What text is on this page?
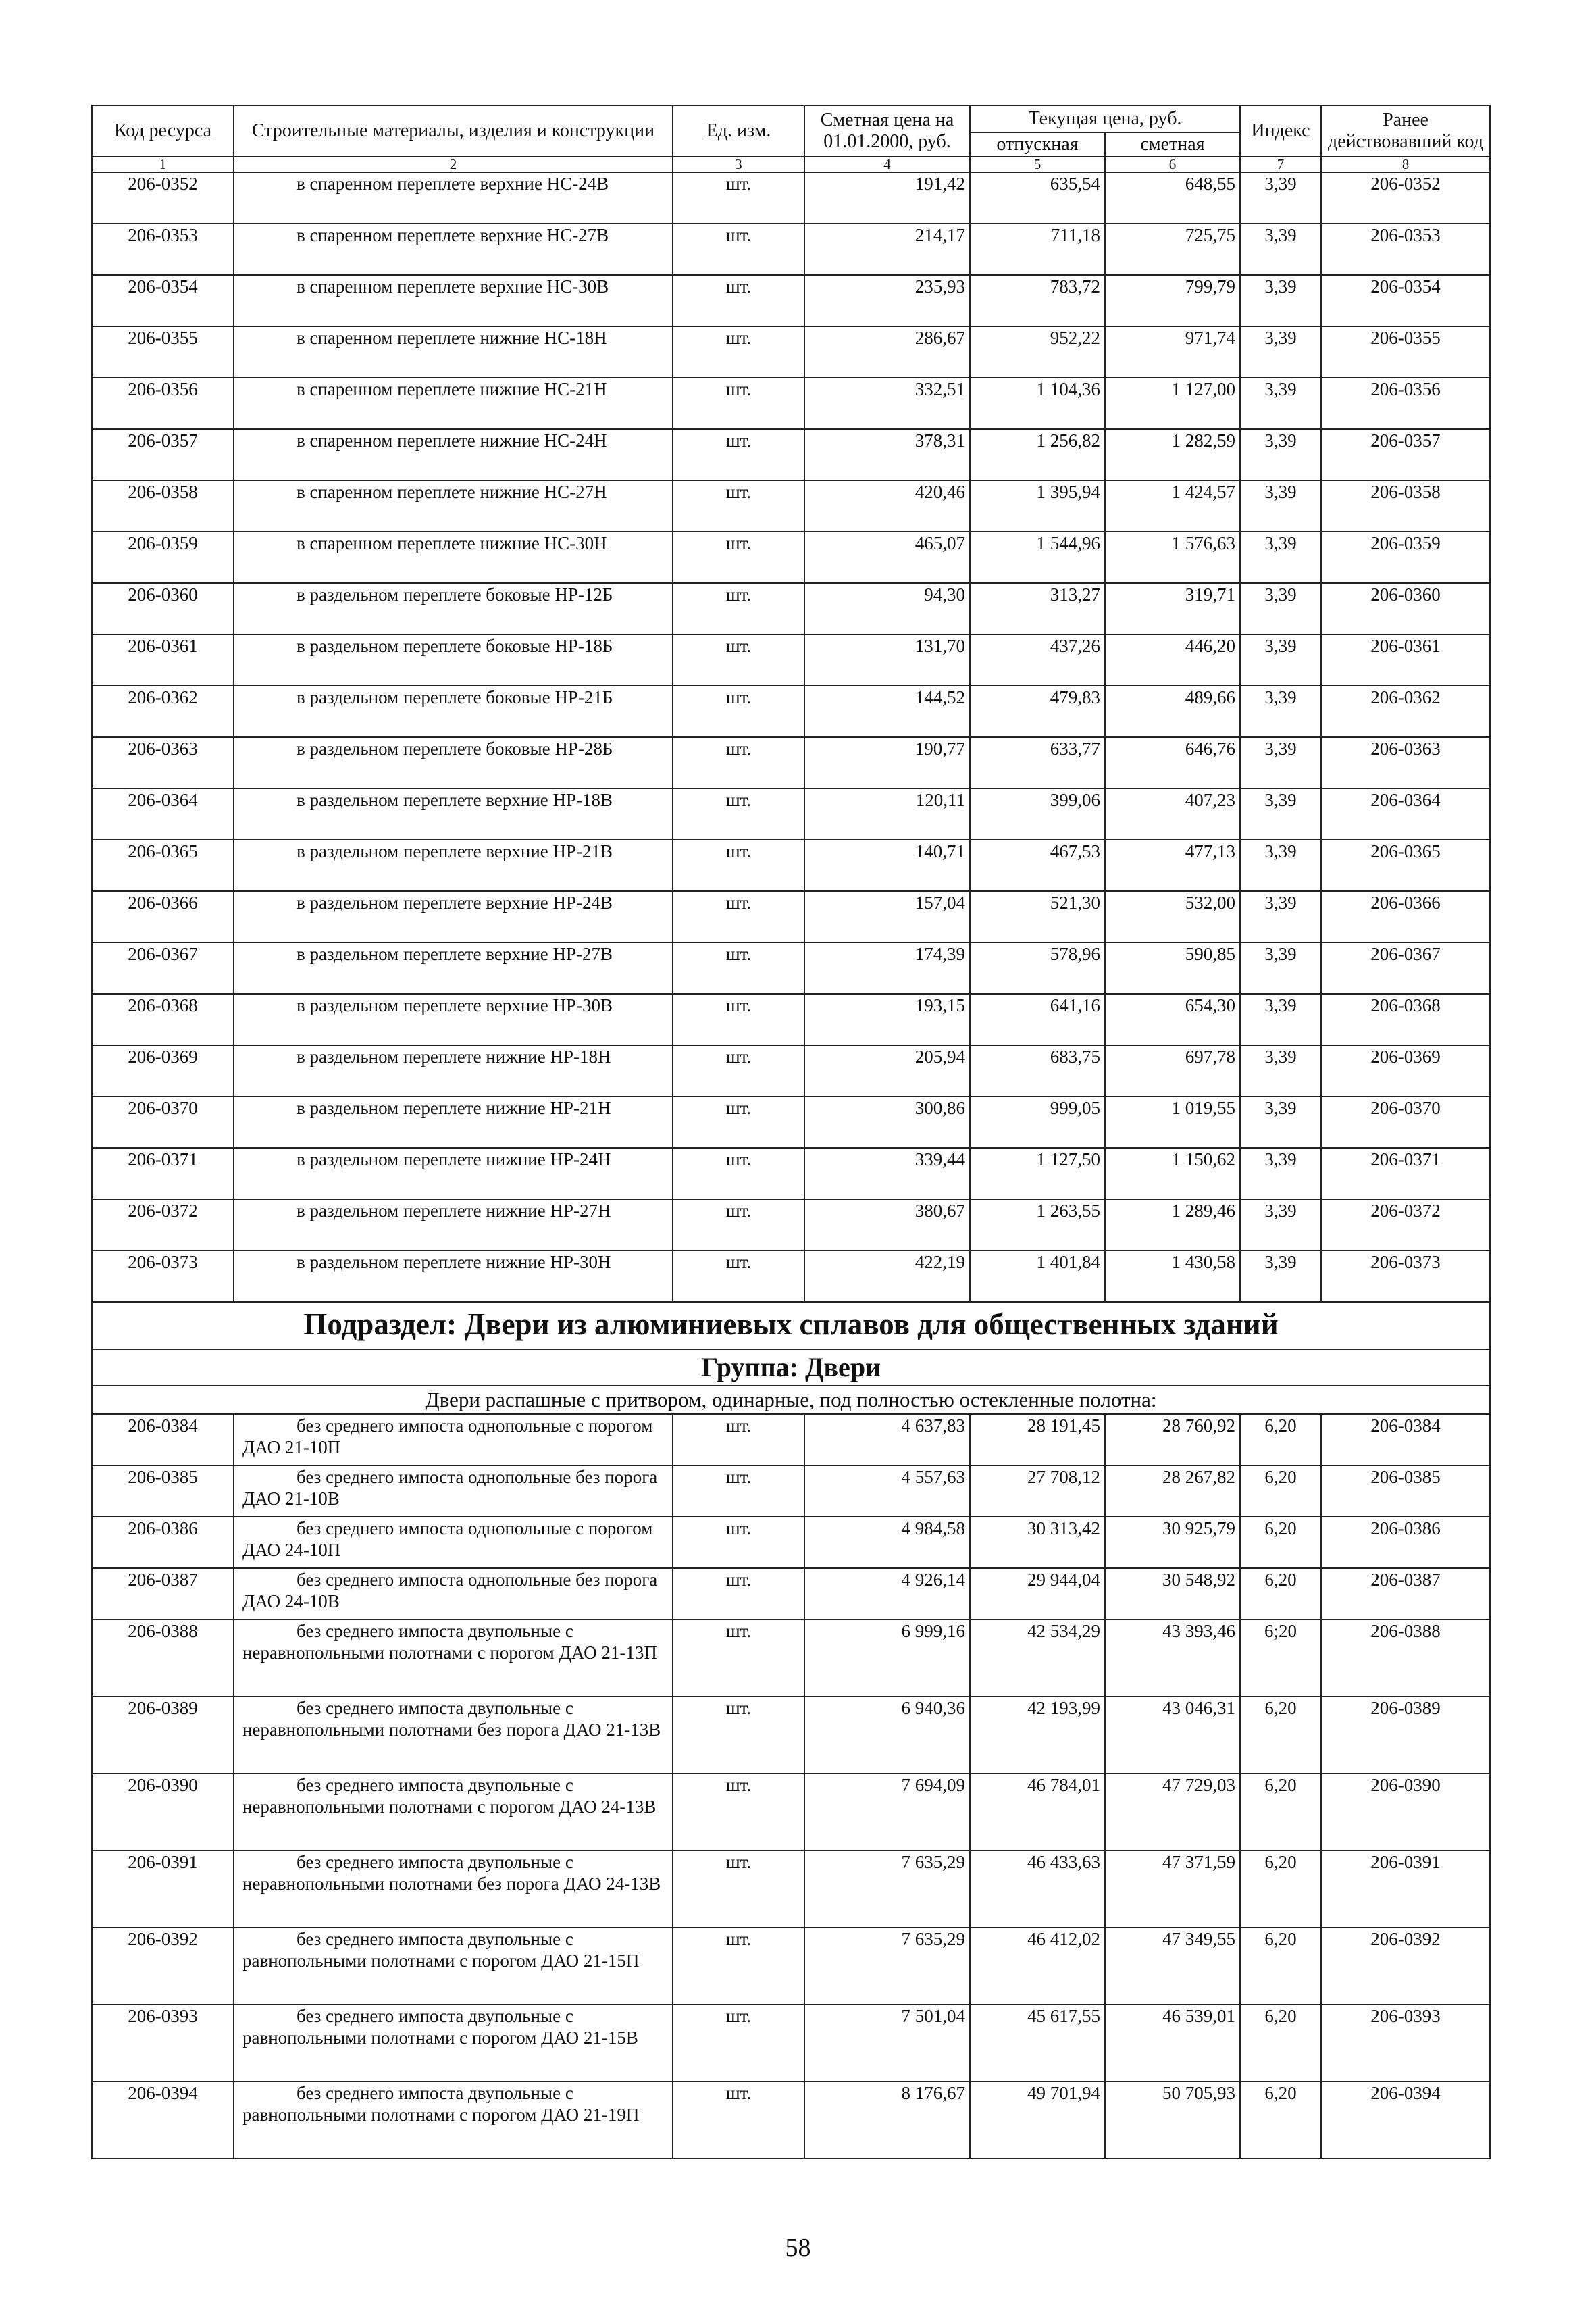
Код ресурса	Строительные материалы, изделия и конструкции	Ед. изм.	Сметная цена на 01.01.2000, руб.	Текущая цена, руб.		Индекс	Ранее действовавший код
				отпускная	сметная		
1	2	3	4	5	6	7	8
206-0352	в спаренном переплете верхние НС-24В	шт.	191,42	635,54	648,55	3,39	206-0352
206-0353	в спаренном переплете верхние НС-27В	шт.	214,17	711,18	725,75	3,39	206-0353
206-0354	в спаренном переплете верхние НС-30В	шт.	235,93	783,72	799,79	3,39	206-0354
206-0355	в спаренном переплете нижние НС-18Н	шт.	286,67	952,22	971,74	3,39	206-0355
206-0356	в спаренном переплете нижние НС-21Н	шт.	332,51	1 104,36	1 127,00	3,39	206-0356
206-0357	в спаренном переплете нижние НС-24Н	шт.	378,31	1 256,82	1 282,59	3,39	206-0357
206-0358	в спаренном переплете нижние НС-27Н	шт.	420,46	1 395,94	1 424,57	3,39	206-0358
206-0359	в спаренном переплете нижние НС-30Н	шт.	465,07	1 544,96	1 576,63	3,39	206-0359
206-0360	в раздельном переплете боковые НР-12Б	шт.	94,30	313,27	319,71	3,39	206-0360
206-0361	в раздельном переплете боковые НР-18Б	шт.	131,70	437,26	446,20	3,39	206-0361
206-0362	в раздельном переплете боковые НР-21Б	шт.	144,52	479,83	489,66	3,39	206-0362
206-0363	в раздельном переплете боковые НР-28Б	шт.	190,77	633,77	646,76	3,39	206-0363
206-0364	в раздельном переплете верхние НР-18В	шт.	120,11	399,06	407,23	3,39	206-0364
206-0365	в раздельном переплете верхние НР-21В	шт.	140,71	467,53	477,13	3,39	206-0365
206-0366	в раздельном переплете верхние НР-24В	шт.	157,04	521,30	532,00	3,39	206-0366
206-0367	в раздельном переплете верхние НР-27В	шт.	174,39	578,96	590,85	3,39	206-0367
206-0368	в раздельном переплете верхние НР-30В	шт.	193,15	641,16	654,30	3,39	206-0368
206-0369	в раздельном переплете нижние НР-18Н	шт.	205,94	683,75	697,78	3,39	206-0369
206-0370	в раздельном переплете нижние НР-21Н	шт.	300,86	999,05	1 019,55	3,39	206-0370
206-0371	в раздельном переплете нижние НР-24Н	шт.	339,44	1 127,50	1 150,62	3,39	206-0371
206-0372	в раздельном переплете нижние НР-27Н	шт.	380,67	1 263,55	1 289,46	3,39	206-0372
206-0373	в раздельном переплете нижние НР-30Н	шт.	422,19	1 401,84	1 430,58	3,39	206-0373
Подраздел: Двери из алюминиевых сплавов для общественных зданий							
Группа: Двери							
Двери распашные с притвором, одинарные, под полностью остекленные полотна:							
206-0384	без среднего импоста однопольные с порогом ДАО 21-10П	шт.	4 637,83	28 191,45	28 760,92	6,20	206-0384
206-0385	без среднего импоста однопольные без порога ДАО 21-10В	шт.	4 557,63	27 708,12	28 267,82	6,20	206-0385
206-0386	без среднего импоста однопольные с порогом ДАО 24-10П	шт.	4 984,58	30 313,42	30 925,79	6,20	206-0386
206-0387	без среднего импоста однопольные без порога ДАО 24-10В	шт.	4 926,14	29 944,04	30 548,92	6,20	206-0387
206-0388	без среднего импоста двупольные с неравнопольными полотнами с порогом ДАО 21-13П	шт.	6 999,16	42 534,29	43 393,46	6;20	206-0388
206-0389	без среднего импоста двупольные с неравнопольными полотнами без порога ДАО 21-13В	шт.	6 940,36	42 193,99	43 046,31	6,20	206-0389
206-0390	без среднего импоста двупольные с неравнопольными полотнами с порогом ДАО 24-13В	шт.	7 694,09	46 784,01	47 729,03	6,20	206-0390
206-0391	без среднего импоста двупольные с неравнопольными полотнами без порога ДАО 24-13В	шт.	7 635,29	46 433,63	47 371,59	6,20	206-0391
206-0392	без среднего импоста двупольные с равнопольными полотнами с порогом ДАО 21-15П	шт.	7 635,29	46 412,02	47 349,55	6,20	206-0392
206-0393	без среднего импоста двупольные с равнопольными полотнами с порогом ДАО 21-15В	шт.	7 501,04	45 617,55	46 539,01	6,20	206-0393
206-0394	без среднего импоста двупольные с равнопольными полотнами с порогом ДАО 21-19П	шт.	8 176,67	49 701,94	50 705,93	6,20	206-0394
58
